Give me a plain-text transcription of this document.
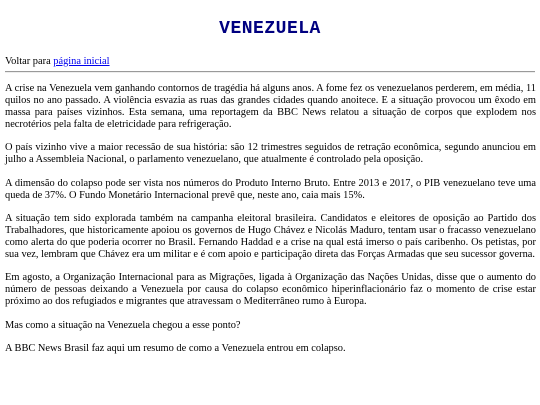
VENEZUELA

Voltar para página inicial

A crise na Venezuela vem ganhando contornos de tragédia há alguns anos. A fome fez os venezuelanos perderem, em média, 11 quilos no ano passado. A violência esvazia as ruas das grandes cidades quando anoitece. E a situação provocou um êxodo em massa para países vizinhos. Esta semana, uma reportagem da BBC News relatou a situação de corpos que explodem nos necrotérios pela falta de eletricidade para refrigeração.

O país vizinho vive a maior recessão de sua história: são 12 trimestres seguidos de retração econômica, segundo anunciou em julho a Assembleia Nacional, o parlamento venezuelano, que atualmente é controlado pela oposição.

A dimensão do colapso pode ser vista nos números do Produto Interno Bruto. Entre 2013 e 2017, o PIB venezuelano teve uma queda de 37%. O Fundo Monetário Internacional prevê que, neste ano, caia mais 15%.

A situação tem sido explorada também na campanha eleitoral brasileira. Candidatos e eleitores de oposição ao Partido dos Trabalhadores, que historicamente apoiou os governos de Hugo Chávez e Nicolás Maduro, tentam usar o fracasso venezuelano como alerta do que poderia ocorrer no Brasil. Fernando Haddad e a crise na qual está imerso o país caribenho. Os petistas, por sua vez, lembram que Chávez era um militar e é com apoio e participação direta das Forças Armadas que seu sucessor governa.

Em agosto, a Organização Internacional para as Migrações, ligada à Organização das Nações Unidas, disse que o aumento do número de pessoas deixando a Venezuela por causa do colapso econômico hiperinflacionário faz o momento de crise estar próximo ao dos refugiados e migrantes que atravessam o Mediterrâneo rumo à Europa.

Mas como a situação na Venezuela chegou a esse ponto?

A BBC News Brasil faz aqui um resumo de como a Venezuela entrou em colapso.
